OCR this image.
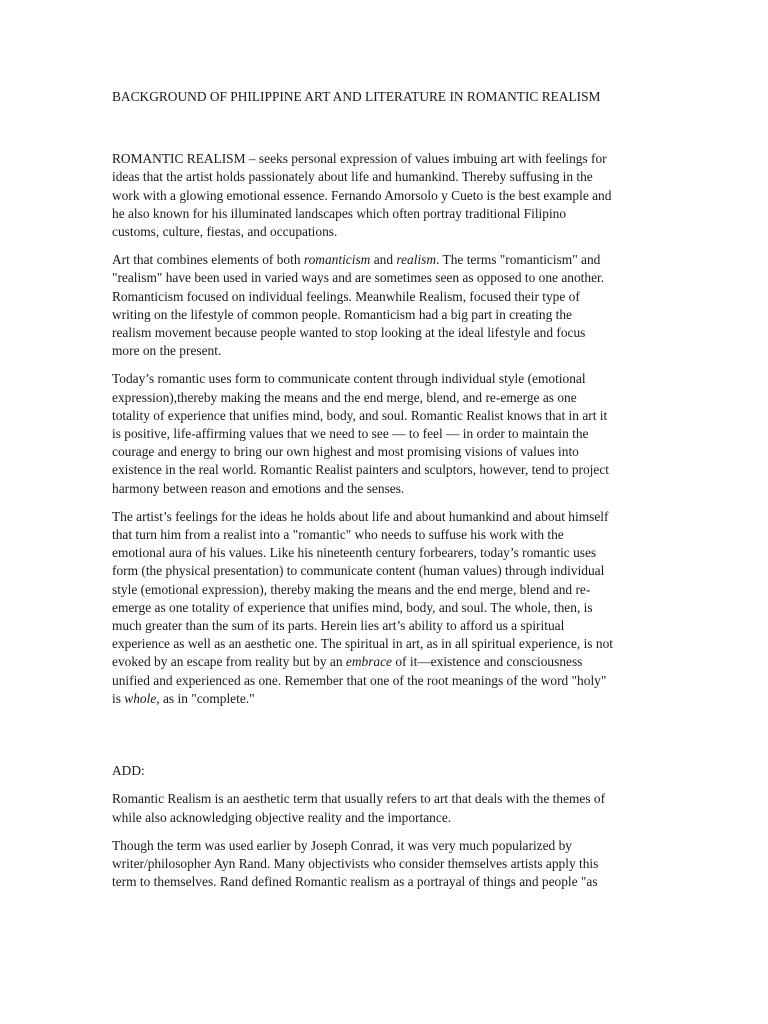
BACKGROUND OF PHILIPPINE ART AND LITERATURE IN ROMANTIC REALISM

ROMANTIC REALISM – seeks personal expression of values imbuing art with feelings for
ideas that the artist holds passionately about life and humankind. Thereby suffusing in the
work with a glowing emotional essence. Fernando Amorsolo y Cueto is the best example and
he also known for his illuminated landscapes which often portray traditional Filipino
customs, culture, fiestas, and occupations.

Art that combines elements of both romanticism and realism. The terms "romanticism" and
"realism" have been used in varied ways and are sometimes seen as opposed to one another.
Romanticism focused on individual feelings. Meanwhile Realism, focused their type of
writing on the lifestyle of common people. Romanticism had a big part in creating the
realism movement because people wanted to stop looking at the ideal lifestyle and focus
more on the present.

Today’s romantic uses form to communicate content through individual style (emotional
expression),thereby making the means and the end merge, blend, and re-emerge as one
totality of experience that unifies mind, body, and soul. Romantic Realist knows that in art it
is positive, life-affirming values that we need to see — to feel — in order to maintain the
courage and energy to bring our own highest and most promising visions of values into
existence in the real world. Romantic Realist painters and sculptors, however, tend to project
harmony between reason and emotions and the senses.

The artist’s feelings for the ideas he holds about life and about humankind and about himself
that turn him from a realist into a "romantic" who needs to suffuse his work with the
emotional aura of his values. Like his nineteenth century forbearers, today’s romantic uses
form (the physical presentation) to communicate content (human values) through individual
style (emotional expression), thereby making the means and the end merge, blend and re-
emerge as one totality of experience that unifies mind, body, and soul. The whole, then, is
much greater than the sum of its parts. Herein lies art’s ability to afford us a spiritual
experience as well as an aesthetic one. The spiritual in art, as in all spiritual experience, is not
evoked by an escape from reality but by an embrace of it—existence and consciousness
unified and experienced as one. Remember that one of the root meanings of the word "holy"
is whole, as in "complete."

ADD:

Romantic Realism is an aesthetic term that usually refers to art that deals with the themes of
while also acknowledging objective reality and the importance.

Though the term was used earlier by Joseph Conrad, it was very much popularized by
writer/philosopher Ayn Rand. Many objectivists who consider themselves artists apply this
term to themselves. Rand defined Romantic realism as a portrayal of things and people "as
